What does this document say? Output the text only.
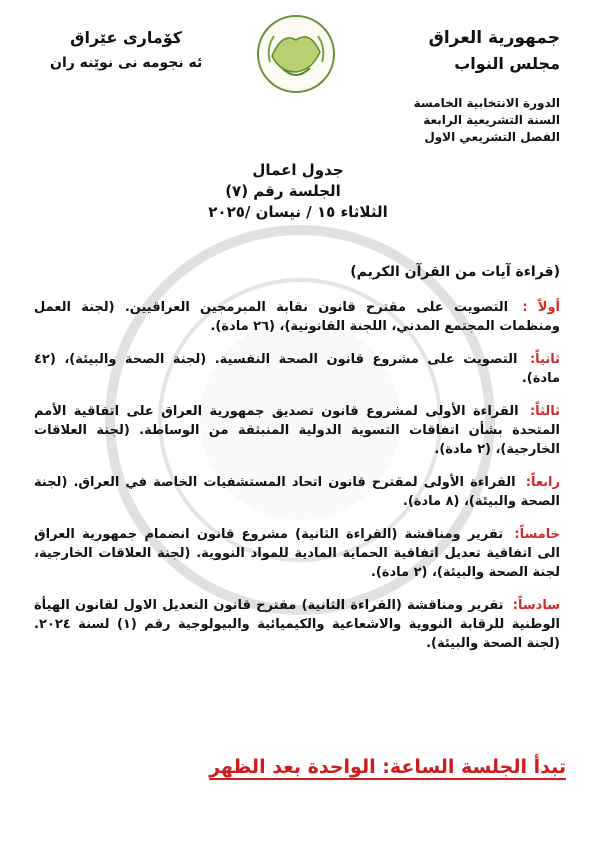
جمهورية العراق
مجلس النواب
الدورة الانتخابية الخامسة
السنة التشريعية الرابعة
الفصل التشريعي الاول
كۆماری عێراق
ئه نجومه نی نوێنه ران
جدول اعمال
الجلسة رقم (٧)
الثلاثاء ١٥ / نيسان /٢٠٢٥
(قراءة آيات من القرآن الكريم)
أولاً : التصويت على مقترح قانون نقابة المبرمجين العراقيين. (لجنة العمل ومنظمات المجتمع المدني، اللجنة القانونية)، (٢٦ مادة).
ثانياً: التصويت على مشروع قانون الصحة النفسية. (لجنة الصحة والبيئة)، (٤٢ مادة).
ثالثاً: القراءة الأولى لمشروع قانون تصديق جمهورية العراق على اتفاقية الأمم المتحدة بشأن اتفاقات التسوية الدولية المنبثقة من الوساطة. (لجنة العلاقات الخارجية)، (٢ مادة).
رابعاً: القراءة الأولى لمقترح قانون اتحاد المستشفيات الخاصة في العراق. (لجنة الصحة والبيئة)، (٨ مادة).
خامساً: تقرير ومناقشة (القراءة الثانية) مشروع قانون انضمام جمهورية العراق الى اتفاقية تعديل اتفاقية الحماية المادية للمواد النووية. (لجنة العلاقات الخارجية، لجنة الصحة والبيئة)، (٢ مادة).
سادساً: تقرير ومناقشة (القراءة الثانية) مقترح قانون التعديل الاول لقانون الهيأة الوطنية للرقابة النووية والاشعاعية والكيميائية والبيولوجية رقم (١) لسنة ٢٠٢٤. (لجنة الصحة والبيئة).
تبدأ الجلسة الساعة: الواحدة بعد الظهر
